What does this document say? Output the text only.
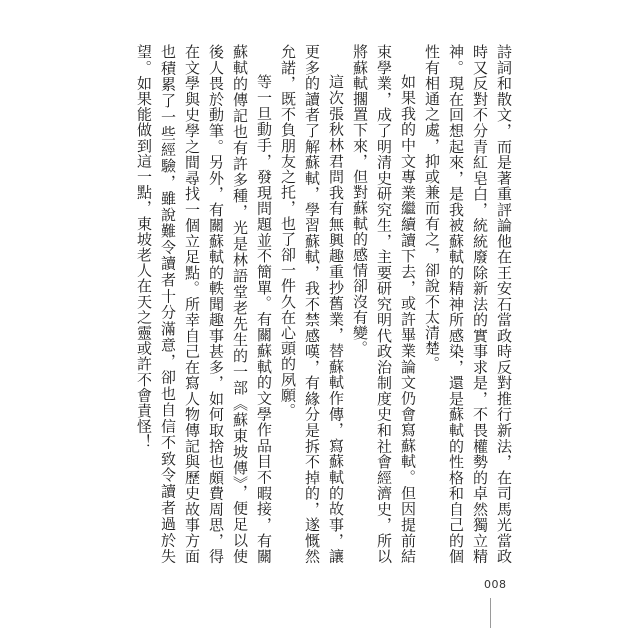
詩詞和散文，而是著重評論他在王安石當政時反對推行新法，在司馬光當政時又反對不分青紅皂白，統統廢除新法的實事求是，不畏權勢的卓然獨立精神。現在回想起來，是我被蘇軾的精神所感染，還是蘇軾的性格和自己的個性有相通之處，抑或兼而有之，卻說不太清楚。

如果我的中文專業繼續讀下去，或許畢業論文仍會寫蘇軾。但因提前結束學業，成了明清史研究生，主要研究明代政治制度史和社會經濟史，所以將蘇軾擱置下來，但對蘇軾的感情卻沒有變。

這次張秋林君問我有無興趣重抄舊業，替蘇軾作傳，寫蘇軾的故事，讓更多的讀者了解蘇軾，學習蘇軾，我不禁感嘆，有緣分是拆不掉的，遂慨然允諾，既不負朋友之托，也了卻一件久在心頭的夙願。

等一旦動手，發現問題並不簡單。有關蘇軾的文學作品目不暇接，有關蘇軾的傳記也有許多種，光是林語堂老先生的一部《蘇東坡傳》，便足以使後人畏於動筆。另外，有關蘇軾的軼聞趣事甚多，如何取捨也頗費周思，得在文學與史學之間尋找一個立足點。所幸自己在寫人物傳記與歷史故事方面也積累了一些經驗，雖說難令讀者十分滿意，卻也自信不致令讀者過於失望。如果能做到這一點，東坡老人在天之靈或許不會責怪！

008
